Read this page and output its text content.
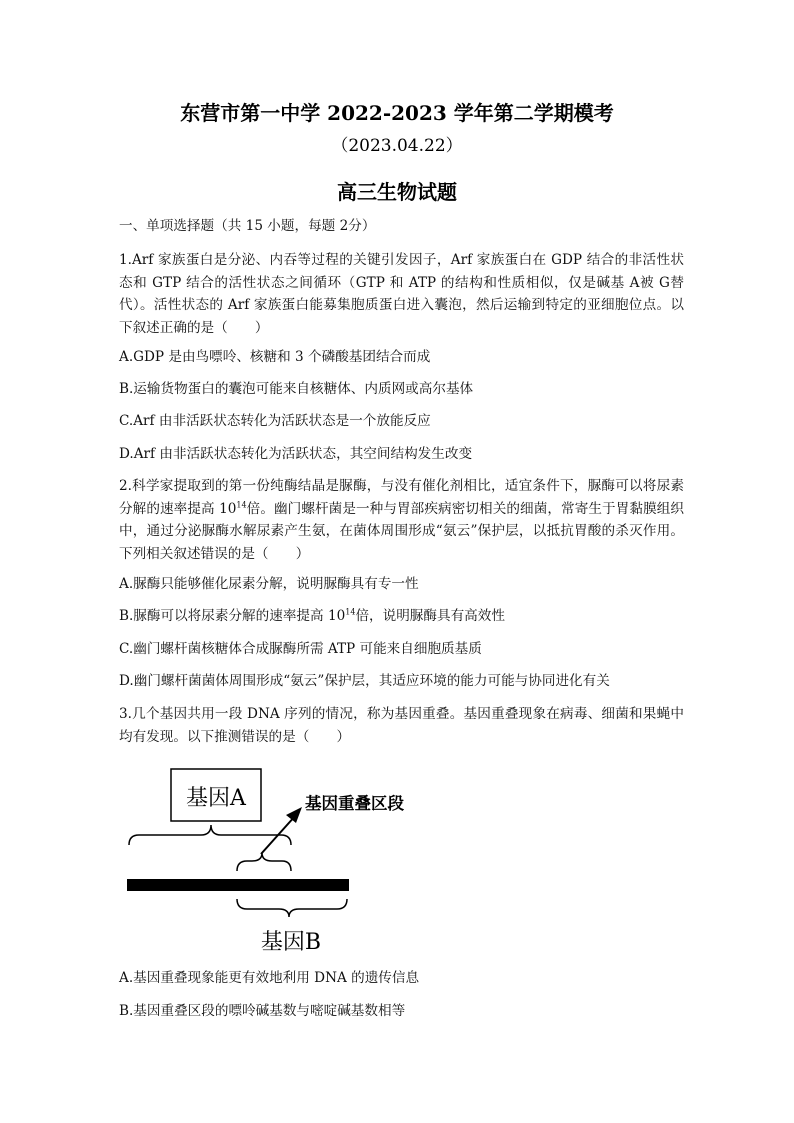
东营市第一中学 2022-2023 学年第二学期模考
（2023.04.22）
高三生物试题
一、单项选择题（共 15 小题，每题 2分）
1.Arf 家族蛋白是分泌、内吞等过程的关键引发因子，Arf 家族蛋白在 GDP 结合的非活性状态和 GTP 结合的活性状态之间循环（GTP 和 ATP 的结构和性质相似，仅是碱基 A被 G替代）。活性状态的 Arf 家族蛋白能募集胞质蛋白进入囊泡，然后运输到特定的亚细胞位点。以下叙述正确的是（　　）
A.GDP 是由鸟嘌呤、核糖和 3 个磷酸基团结合而成
B.运输货物蛋白的囊泡可能来自核糖体、内质网或高尔基体
C.Arf 由非活跃状态转化为活跃状态是一个放能反应
D.Arf 由非活跃状态转化为活跃状态，其空间结构发生改变
2.科学家提取到的第一份纯酶结晶是脲酶，与没有催化剂相比，适宜条件下，脲酶可以将尿素分解的速率提高 $10^{14}$倍。幽门螺杆菌是一种与胃部疾病密切相关的细菌，常寄生于胃黏膜组织中，通过分泌脲酶水解尿素产生氨，在菌体周围形成“氨云”保护层，以抵抗胃酸的杀灭作用。下列相关叙述错误的是（　　）
A.脲酶只能够催化尿素分解，说明脲酶具有专一性
B.脲酶可以将尿素分解的速率提高 $10^{14}$倍，说明脲酶具有高效性
C.幽门螺杆菌核糖体合成脲酶所需 ATP 可能来自细胞质基质
D.幽门螺杆菌菌体周围形成“氨云”保护层，其适应环境的能力可能与协同进化有关
3.几个基因共用一段 DNA 序列的情况，称为基因重叠。基因重叠现象在病毒、细菌和果蝇中均有发现。以下推测错误的是（　　）
基因A	基因重叠区段
基因B
A.基因重叠现象能更有效地利用 DNA 的遗传信息
B.基因重叠区段的嘌呤碱基数与嘧啶碱基数相等
